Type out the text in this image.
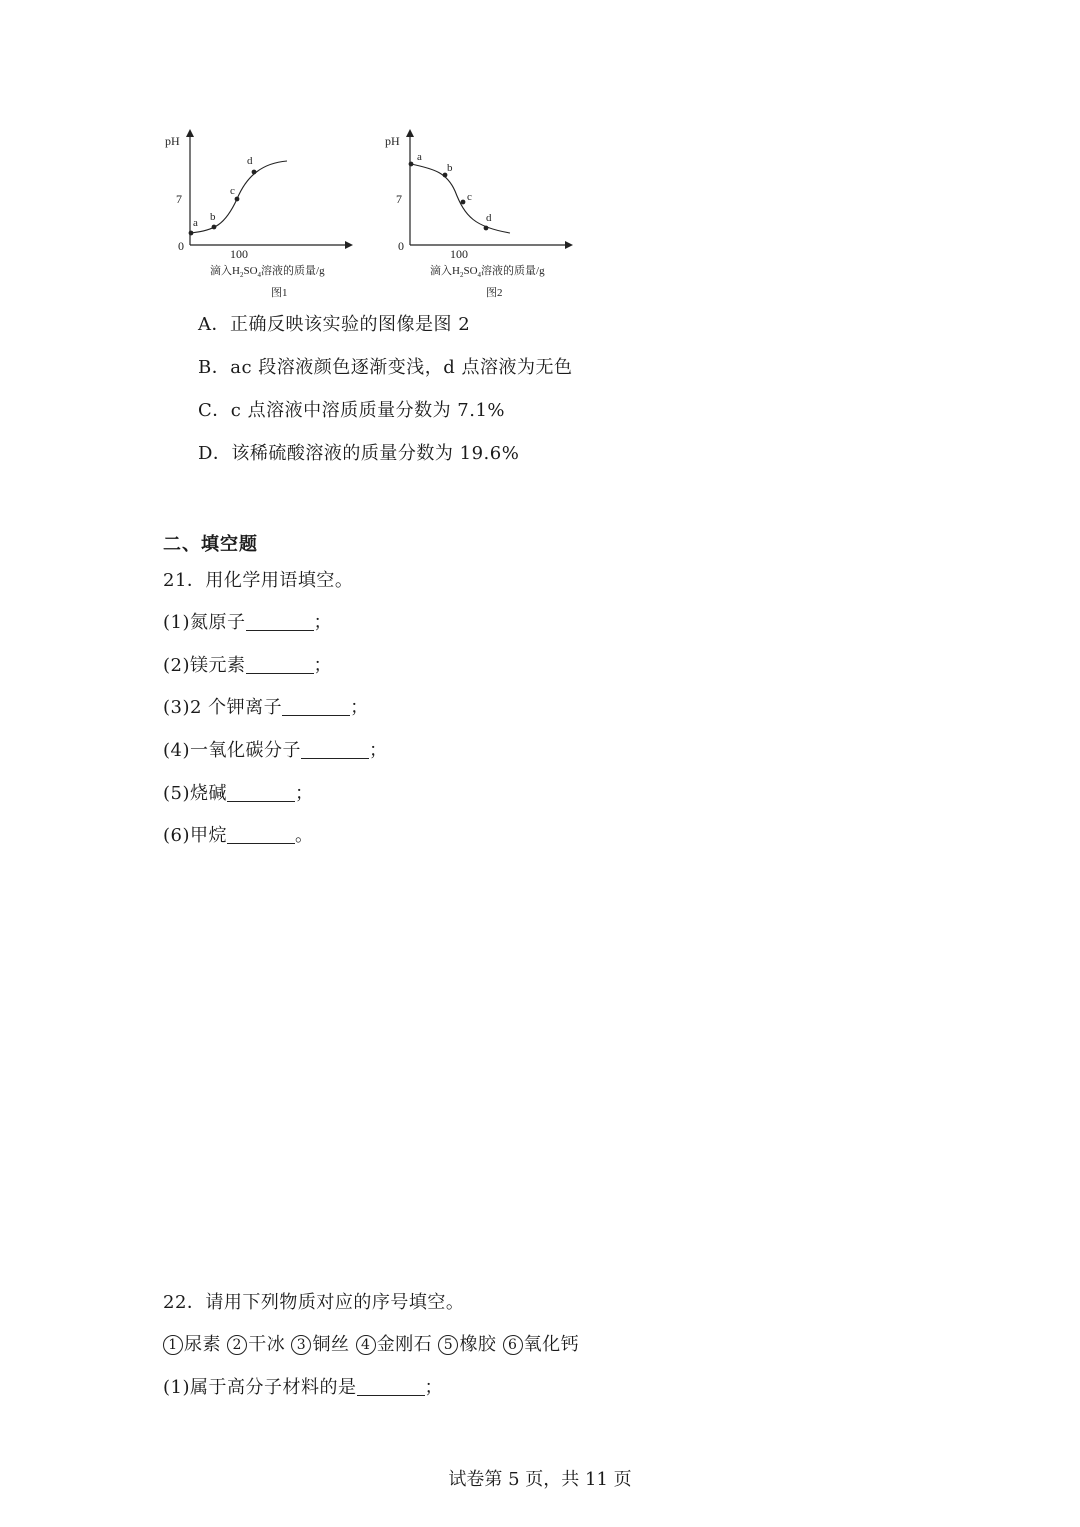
pH
7
0
100
a b
c
d
滴入$H_2SO_4$溶液的质量/g
图1
pH
7
0
100
a
b
c
d
滴入$H_2SO_4$溶液的质量/g
图2
A．正确反映该实验的图像是图 2
B．ac 段溶液颜色逐渐变浅，d 点溶液为无色
C．c 点溶液中溶质质量分数为 7.1%
D．该稀硫酸溶液的质量分数为 19.6%
二、填空题
21．用化学用语填空。
(1)氮原子	；
(2)镁元素	；
(3)2 个钾离子	；
(4)一氧化碳分子	；
(5)烧碱	；
(6)甲烷	。
22．请用下列物质对应的序号填空。
1 尿素 2 干冰 3 铜丝 4 金刚石 5 橡胶 6 氧化钙
(1)属于高分子材料的是	；
试卷第 5 页，共 11 页
